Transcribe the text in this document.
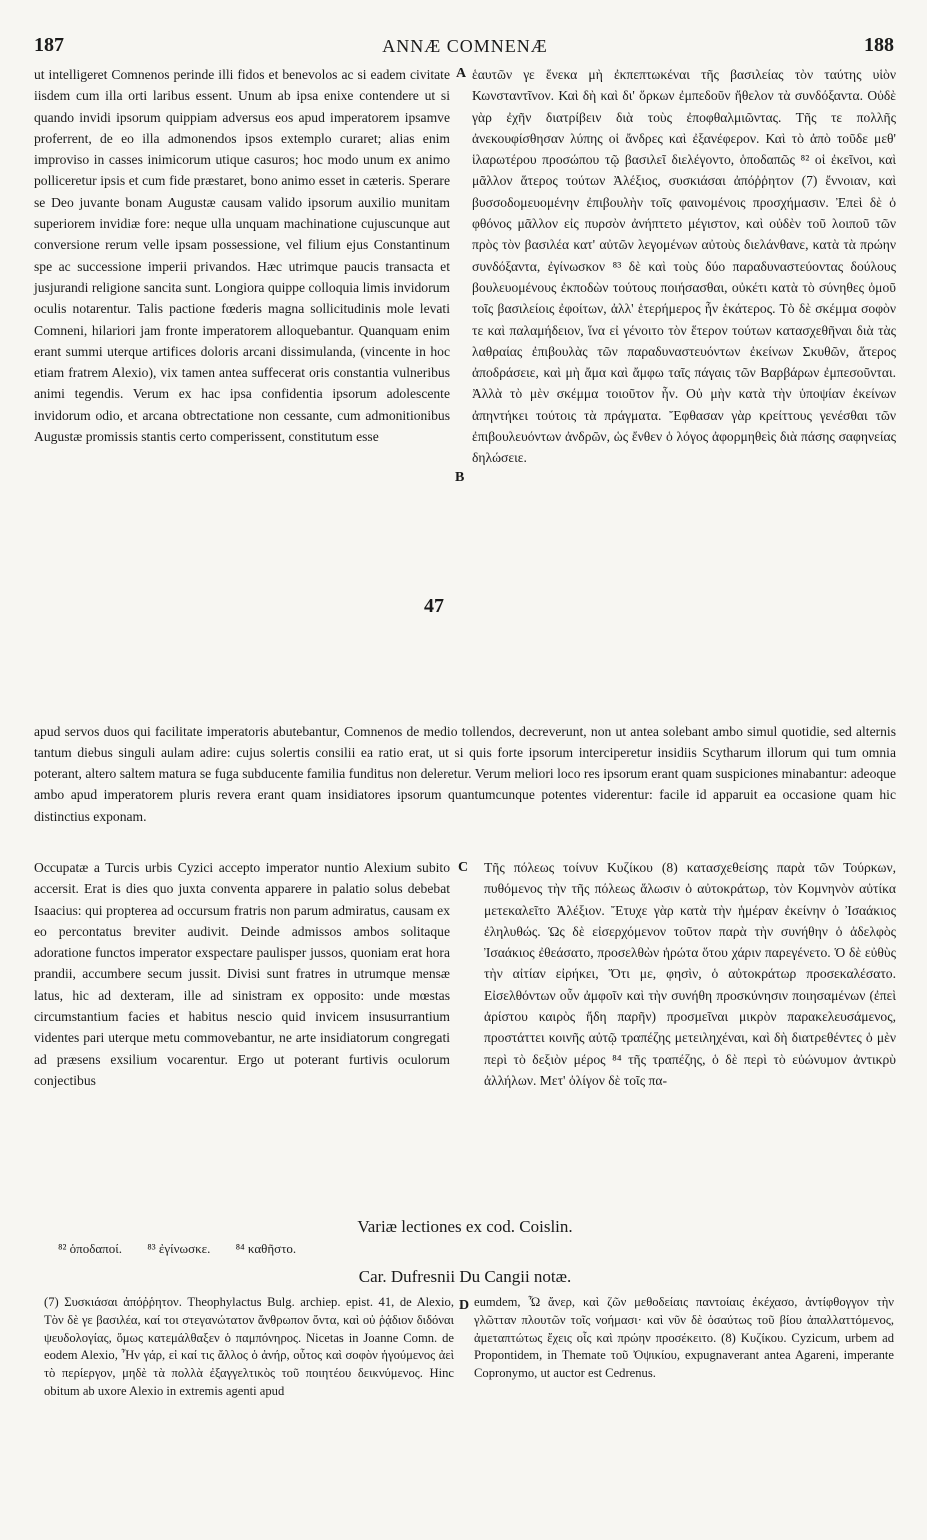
187	ANNÆ COMNENÆ	188

ut intelligeret Comnenos perinde illi fidos et benevolos ac si eadem civitate iisdem cum illa orti laribus essent. Unum ab ipsa enixe contendere ut si quando invidi ipsorum quippiam adversus eos apud imperatorem ipsamve proferrent, de eo illa admonendos ipsos extemplo curaret; alias enim improviso in casses inimicorum utique casuros; hoc modo unum ex animo polliceretur ipsis et cum fide præstaret, bono animo esset in cæteris. Sperare se Deo juvante bonam Augustæ causam valido ipsorum auxilio munitam superiorem invidiæ fore: neque ulla unquam machinatione cujuscunque aut conversione rerum velle ipsam possessione, vel filium ejus Constantinum spe ac successione imperii privandos. Hæc utrimque paucis transacta et jusjurandi religione sancita sunt. Longiora quippe colloquia limis invidorum oculis notarentur. Talis pactione fœderis magna sollicitudinis mole levati Comneni, hilariori jam fronte imperatorem alloquebantur. Quanquam enim erant summi uterque artifices doloris arcani dissimulanda, (vincente in hoc etiam fratrem Alexio), vix tamen antea suffecerat oris constantia vulneribus animi tegendis. Verum ex hac ipsa confidentia ipsorum adolescente invidorum odio, et arcana obtrectatione non cessante, cum admonitionibus Augustæ promissis stantis certo comperissent, constitutum esse

ἑαυτῶν γε ἕνεκα μὴ ἐκπεπτωκέναι τῆς βασιλείας τὸν ταύτης υἱὸν Κωνσταντῖνον. Καὶ δὴ καὶ δι' ὅρκων ἐμπεδοῦν ἤθελον τὰ συνδόξαντα. Οὐδὲ γὰρ ἐχῆν διατρίβειν διὰ τοὺς ἐποφθαλμιῶντας. Τῆς τε πολλῆς ἀνεκουφίσθησαν λύπης οἱ ἄνδρες καὶ ἐξανέφερον. Καὶ τὸ ἀπὸ τοῦδε μεθ' ἱλαρωτέρου προσώπου τῷ βασιλεῖ διελέγοντο, ὁποδαπῶς ⁸² οἱ ἐκεῖνοι, καὶ μᾶλλον ἅτερος τούτων Ἀλέξιος, συσκιάσαι ἀπόῤῥητον (7) ἔννοιαν, καὶ βυσσοδομευομένην ἐπιβουλὴν τοῖς φαινομένοις προσχήμασιν. Ἐπεὶ δὲ ὁ φθόνος μᾶλλον εἰς πυρσὸν ἀνήπτετο μέγιστον, καὶ οὐδὲν τοῦ λοιποῦ τῶν πρὸς τὸν βασιλέα κατ' αὐτῶν λεγομένων αὐτοὺς διελάνθανε, κατὰ τὰ πρώην συνδόξαντα, ἐγίνωσκον ⁸³ δὲ καὶ τοὺς δύο παραδυναστεύοντας δούλους βουλευομένους ἐκποδὼν τούτους ποιήσασθαι, οὐκέτι κατὰ τὸ σύνηθες ὁμοῦ τοῖς βασιλείοις ἐφοίτων, ἀλλ' ἑτερήμερος ἦν ἑκάτερος. Τὸ δὲ σκέμμα σοφὸν τε καὶ παλαμήδειον, ἵνα εἰ γένοιτο τὸν ἕτερον τούτων κατασχεθῆναι διὰ τὰς λαθραίας ἐπιβουλὰς τῶν παραδυναστευόντων ἐκείνων Σκυθῶν, ἅτερος ἀποδράσειε, καὶ μὴ ἄμα καὶ ἄμφω ταῖς πάγαις τῶν Βαρβάρων ἐμπεσοῦνται. Ἀλλὰ τὸ μὲν σκέμμα τοιοῦτον ἦν. Οὐ μὴν κατὰ τὴν ὑποψίαν ἐκείνων ἀπηντήκει τούτοις τὰ πράγματα. Ἔφθασαν γὰρ κρείττους γενέσθαι τῶν ἐπιβουλευόντων ἀνδρῶν, ὡς ἔνθεν ὁ λόγος ἀφορμηθεὶς διὰ πάσης σαφηνείας δηλώσειε.

A
B
47

apud servos duos qui facilitate imperatoris abutebantur, Comnenos de medio tollendos, decreverunt, non ut antea solebant ambo simul quotidie, sed alternis tantum diebus singuli aulam adire: cujus solertis consilii ea ratio erat, ut si quis forte ipsorum interciperetur insidiis Scytharum illorum qui tum omnia poterant, altero saltem matura se fuga subducente familia funditus non deleretur. Verum meliori loco res ipsorum erant quam suspiciones minabantur: adeoque ambo apud imperatorem pluris revera erant quam insidiatores ipsorum quantumcunque potentes viderentur: facile id apparuit ea occasione quam hic distinctius exponam.

Occupatæ a Turcis urbis Cyzici accepto imperator nuntio Alexium subito accersit. Erat is dies quo juxta conventa apparere in palatio solus debebat Isaacius: qui propterea ad occursum fratris non parum admiratus, causam ex eo percontatus breviter audivit. Deinde admissos ambos solitaque adoratione functos imperator exspectare paulisper jussos, quoniam erat hora prandii, accumbere secum jussit. Divisi sunt fratres in utrumque mensæ latus, hic ad dexteram, ille ad sinistram ex opposito: unde mœstas circumstantium facies et habitus nescio quid invicem insusurrantium videntes pari uterque metu commovebantur, ne arte insidiatorum congregati ad præsens exsilium vocarentur. Ergo ut poterant furtivis oculorum conjectibus

Τῆς πόλεως τοίνυν Κυζίκου (8) κατασχεθείσης παρὰ τῶν Τούρκων, πυθόμενος τὴν τῆς πόλεως ἅλωσιν ὁ αὐτοκράτωρ, τὸν Κομνηνὸν αὐτίκα μετεκαλεῖτο Ἀλέξιον. Ἔτυχε γὰρ κατὰ τὴν ἡμέραν ἐκείνην ὁ Ἰσαάκιος ἐληλυθώς. Ὡς δὲ εἰσερχόμενον τοῦτον παρὰ τὴν συνήθην ὁ ἀδελφὸς Ἰσαάκιος ἐθεάσατο, προσελθὼν ἠρώτα ὅτου χάριν παρεγένετο. Ὁ δὲ εὐθὺς τὴν αἰτίαν εἰρήκει, Ὅτι με, φησὶν, ὁ αὐτοκράτωρ προσεκαλέσατο. Εἰσελθόντων οὖν ἀμφοῖν καὶ τὴν συνήθη προσκύνησιν ποιησαμένων (ἐπεὶ ἀρίστου καιρὸς ἤδη παρῆν) προσμεῖναι μικρὸν παρακελευσάμενος, προστάττει κοινῆς αὐτῷ τραπέζης μετειληχέναι, καὶ δὴ διατρεθέντες ὁ μὲν περὶ τὸ δεξιὸν μέρος ⁸⁴ τῆς τραπέζης, ὁ δὲ περὶ τὸ εὐώνυμον ἀντικρὺ ἀλλήλων. Μετ' ὀλίγον δὲ τοῖς πα-

C
Variæ lectiones ex cod. Coislin.
⁸² ὁποδαποί. ⁸³ ἐγίνωσκε. ⁸⁴ καθῆστο.
Car. Dufresnii Du Cangii notæ.
(7) Συσκιάσαι ἀπόῤῥητον. Theophylactus Bulg. archiep. epist. 41, de Alexio, Τὸν δὲ γε βασιλέα, καί τοι στεγανώτατον ἄνθρωπον ὄντα, καὶ οὐ ῥᾴδιον διδόναι ψευδολογίας, ὅμως κατεμάλθαξεν ὁ παμπόνηρος. Nicetas in Joanne Comn. de eodem Alexio, Ἦν γάρ, εἰ καί τις ἄλλος ὁ ἀνήρ, οὗτος καὶ σοφὸν ἡγούμενος ἀεὶ τὸ περίεργον, μηδὲ τὰ πολλὰ ἐξαγγελτικὸς τοῦ ποιητέου δεικνύμενος. Hinc obitum ab uxore Alexio in extremis agenti apud
D eumdem, Ὦ ἄνερ, καὶ ζῶν μεθοδείαις παντοίαις ἐκέχασο, ἀντίφθογγον τὴν γλῶτταν πλουτῶν τοῖς νοήμασι· καὶ νῦν δὲ ὁσαύτως τοῦ βίου ἀπαλλαττόμενος, ἀμεταπτώτως ἔχεις οἷς καὶ πρώην προσέκειτο. (8) Κυζίκου. Cyzicum, urbem ad Propontidem, in Themate τοῦ Ὀψικίου, expugnaverant antea Agareni, imperante Copronymo, ut auctor est Cedrenus.
